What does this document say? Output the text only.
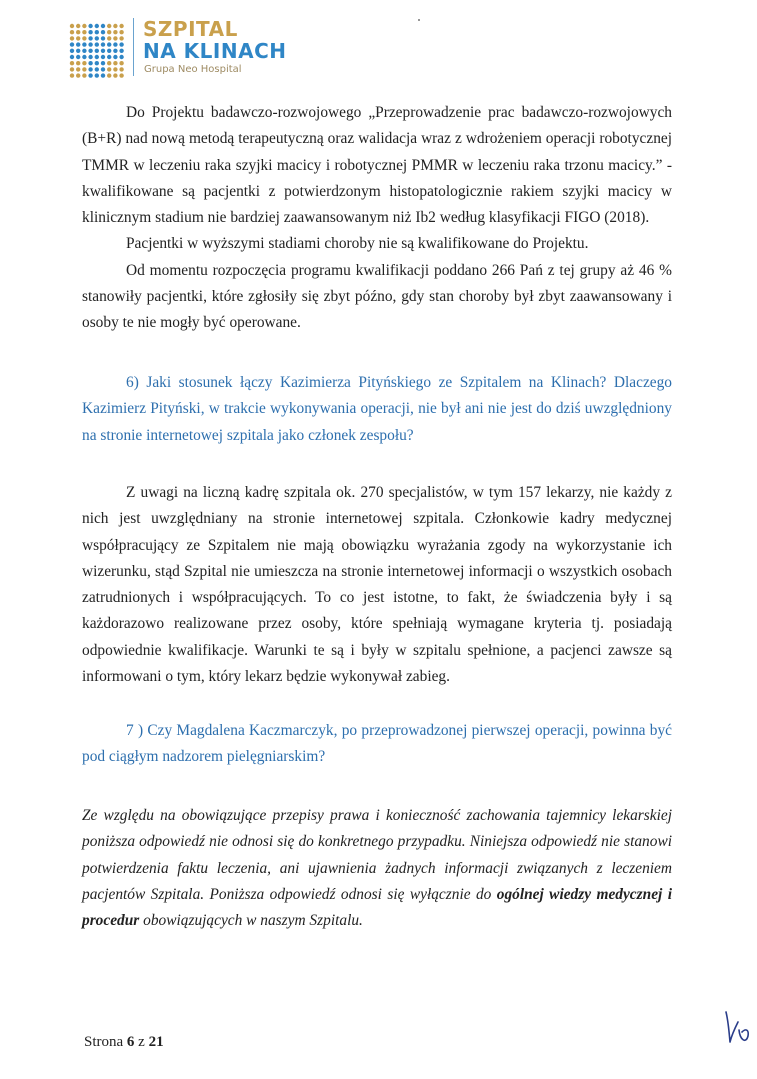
SZPITAL
NA KLINACH
Grupa Neo Hospital

Do Projektu badawczo-rozwojowego „Przeprowadzenie prac badawczo-rozwojowych (B+R) nad nową metodą terapeutyczną oraz walidacja wraz z wdrożeniem operacji robotycznej TMMR w leczeniu raka szyjki macicy i robotycznej PMMR w leczeniu raka trzonu macicy.” - kwalifikowane są pacjentki z potwierdzonym histopatologicznie rakiem szyjki macicy w klinicznym stadium nie bardziej zaawansowanym niż Ib2 według klasyfikacji FIGO (2018).

Pacjentki w wyższymi stadiami choroby nie są kwalifikowane do Projektu.

Od momentu rozpoczęcia programu kwalifikacji poddano 266 Pań z tej grupy aż 46 % stanowiły pacjentki, które zgłosiły się zbyt późno, gdy stan choroby był zbyt zaawansowany i osoby te nie mogły być operowane.

6) Jaki stosunek łączy Kazimierza Pityńskiego ze Szpitalem na Klinach? Dlaczego Kazimierz Pityński, w trakcie wykonywania operacji, nie był ani nie jest do dziś uwzględniony na stronie internetowej szpitala jako członek zespołu?

Z uwagi na liczną kadrę szpitala ok. 270 specjalistów, w tym 157 lekarzy, nie każdy z nich jest uwzględniany na stronie internetowej szpitala. Członkowie kadry medycznej współpracujący ze Szpitalem nie mają obowiązku wyrażania zgody na wykorzystanie ich wizerunku, stąd Szpital nie umieszcza na stronie internetowej informacji o wszystkich osobach zatrudnionych i współpracujących. To co jest istotne, to fakt, że świadczenia były i są każdorazowo realizowane przez osoby, które spełniają wymagane kryteria tj. posiadają odpowiednie kwalifikacje. Warunki te są i były w szpitalu spełnione, a pacjenci zawsze są informowani o tym, który lekarz będzie wykonywał zabieg.

7 ) Czy Magdalena Kaczmarczyk, po przeprowadzonej pierwszej operacji, powinna być pod ciągłym nadzorem pielęgniarskim?

Ze względu na obowiązujące przepisy prawa i konieczność zachowania tajemnicy lekarskiej poniższa odpowiedź nie odnosi się do konkretnego przypadku. Niniejsza odpowiedź nie stanowi potwierdzenia faktu leczenia, ani ujawnienia żadnych informacji związanych z leczeniem pacjentów Szpitala. Poniższa odpowiedź odnosi się wyłącznie do ogólnej wiedzy medycznej i procedur obowiązujących w naszym Szpitalu.

Strona 6 z 21
